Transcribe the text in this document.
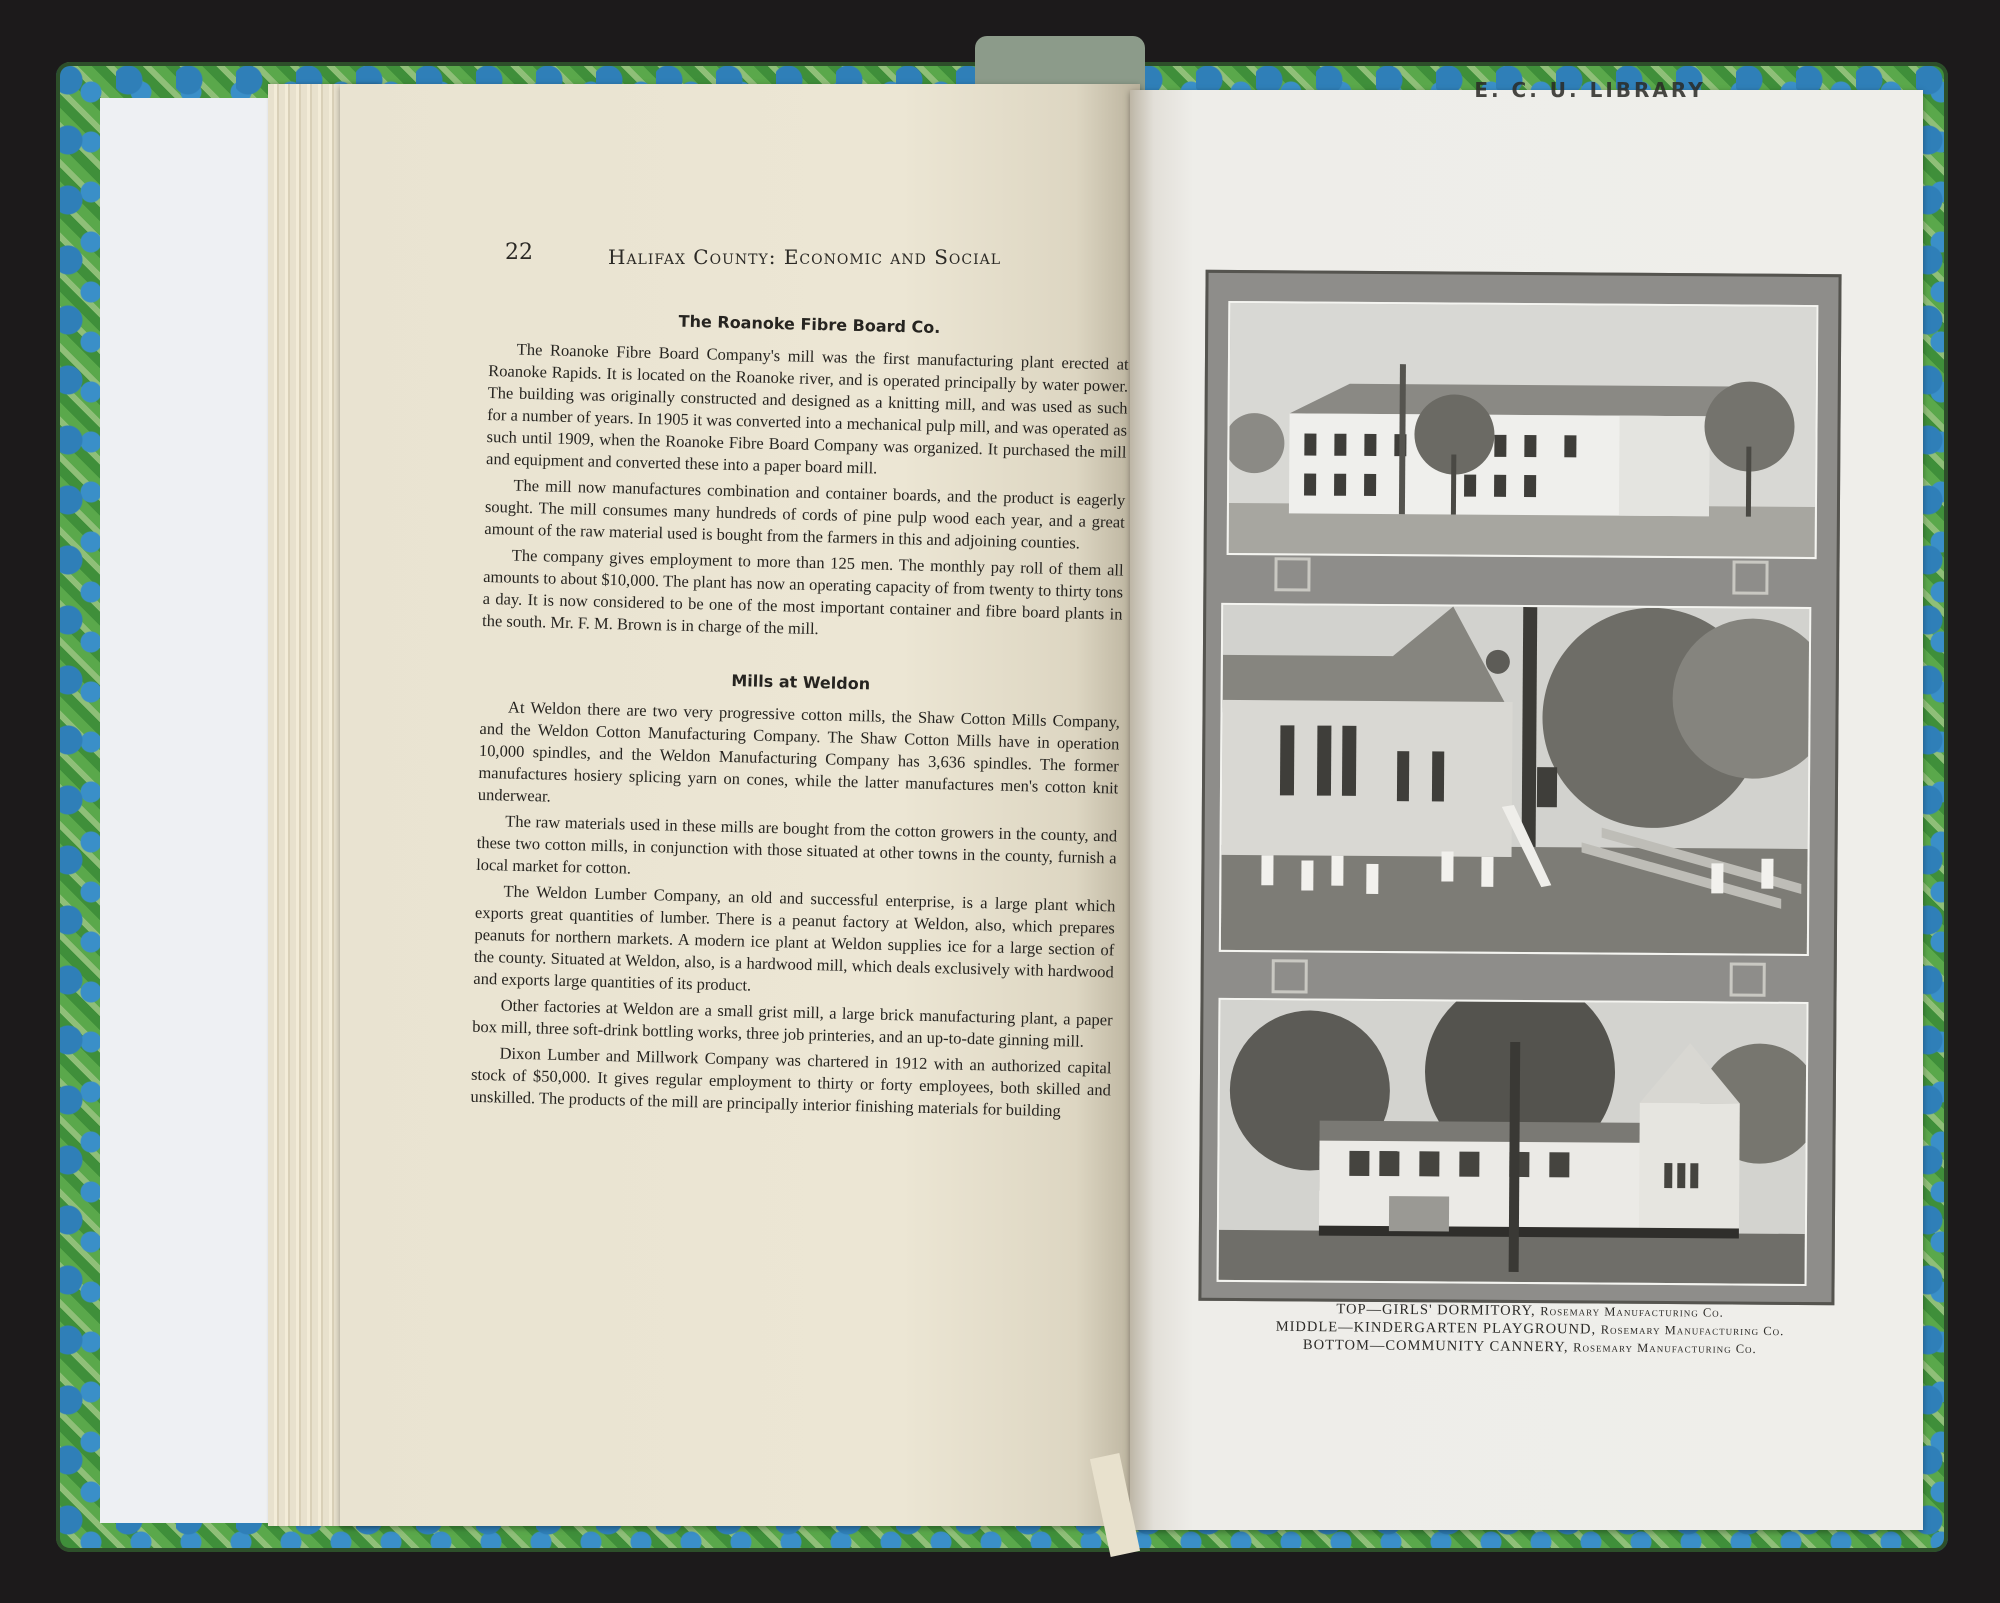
E. C. U. LIBRARY
22	Halifax County: Economic and Social
The Roanoke Fibre Board Co.

The Roanoke Fibre Board Company's mill was the first manufacturing plant erected at Roanoke Rapids. It is located on the Roanoke river, and is operated principally by water power. The building was originally constructed and designed as a knitting mill, and was used as such for a number of years. In 1905 it was converted into a mechanical pulp mill, and was operated as such until 1909, when the Roanoke Fibre Board Company was organized. It purchased the mill and equipment and converted these into a paper board mill.

The mill now manufactures combination and container boards, and the product is eagerly sought. The mill consumes many hundreds of cords of pine pulp wood each year, and a great amount of the raw material used is bought from the farmers in this and adjoining counties.

The company gives employment to more than 125 men. The monthly pay roll of them all amounts to about $10,000. The plant has now an operating capacity of from twenty to thirty tons a day. It is now considered to be one of the most important container and fibre board plants in the south. Mr. F. M. Brown is in charge of the mill.

Mills at Weldon

At Weldon there are two very progressive cotton mills, the Shaw Cotton Mills Company, and the Weldon Cotton Manufacturing Company. The Shaw Cotton Mills have in operation 10,000 spindles, and the Weldon Manufacturing Company has 3,636 spindles. The former manufactures hosiery splicing yarn on cones, while the latter manufactures men's cotton knit underwear.

The raw materials used in these mills are bought from the cotton growers in the county, and these two cotton mills, in conjunction with those situated at other towns in the county, furnish a local market for cotton.

The Weldon Lumber Company, an old and successful enterprise, is a large plant which exports great quantities of lumber. There is a peanut factory at Weldon, also, which prepares peanuts for northern markets. A modern ice plant at Weldon supplies ice for a large section of the county. Situated at Weldon, also, is a hardwood mill, which deals exclusively with hardwood and exports large quantities of its product.

Other factories at Weldon are a small grist mill, a large brick manufacturing plant, a paper box mill, three soft-drink bottling works, three job printeries, and an up-to-date ginning mill.

Dixon Lumber and Millwork Company was chartered in 1912 with an authorized capital stock of $50,000. It gives regular employment to thirty or forty employees, both skilled and unskilled. The products of the mill are principally interior finishing materials for building

TOP—GIRLS' DORMITORY, Rosemary Manufacturing Co.
MIDDLE—KINDERGARTEN PLAYGROUND, Rosemary Manufacturing Co.
BOTTOM—COMMUNITY CANNERY, Rosemary Manufacturing Co.
